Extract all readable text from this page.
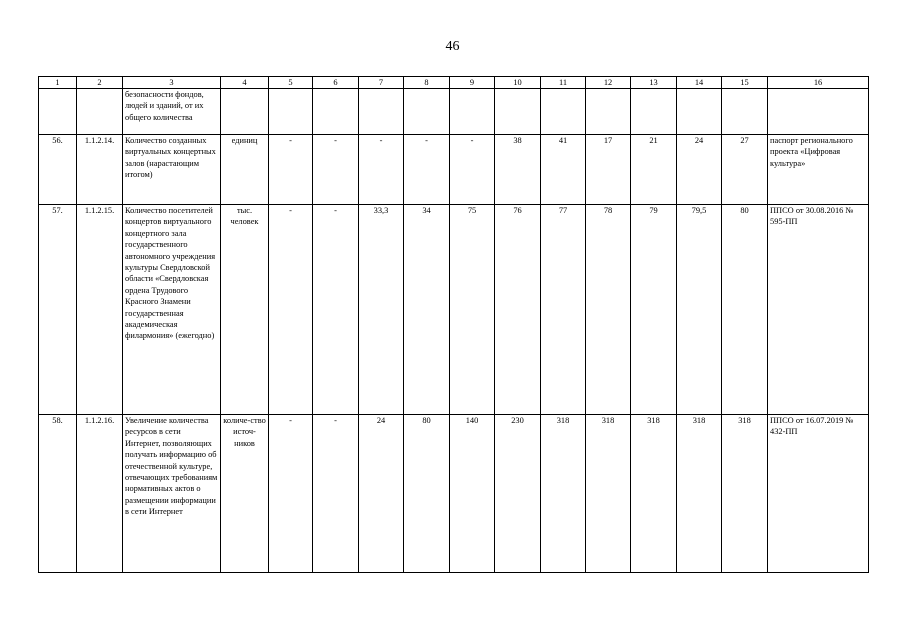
46
1	2	3	4	5	6	7	8	9	10	11	12	13	14	15	16
		безопасности фондов, людей и зданий, от их общего количества													
56.	1.1.2.14.	Количество созданных виртуальных концертных залов (нарастающим итогом)	единиц	-	-	-	-	-	38	41	17	21	24	27	паспорт регионального проекта «Цифровая культура»
57.	1.1.2.15.	Количество посетителей концертов виртуального концертного зала государственного автономного учреждения культуры Свердловской области «Свердловская ордена Трудового Красного Знамени государственная академическая филармония» (ежегодно)	тыс. человек	-	-	33,3	34	75	76	77	78	79	79,5	80	ППСО от 30.08.2016 № 595-ПП
58.	1.1.2.16.	Увеличение количества ресурсов в сети Интернет, позволяющих получать информацию об отечественной культуре, отвечающих требованиям нормативных актов о размещении информации в сети Интернет	количе-ство источ-ников	-	-	24	80	140	230	318	318	318	318	318	ППСО от 16.07.2019 № 432-ПП
